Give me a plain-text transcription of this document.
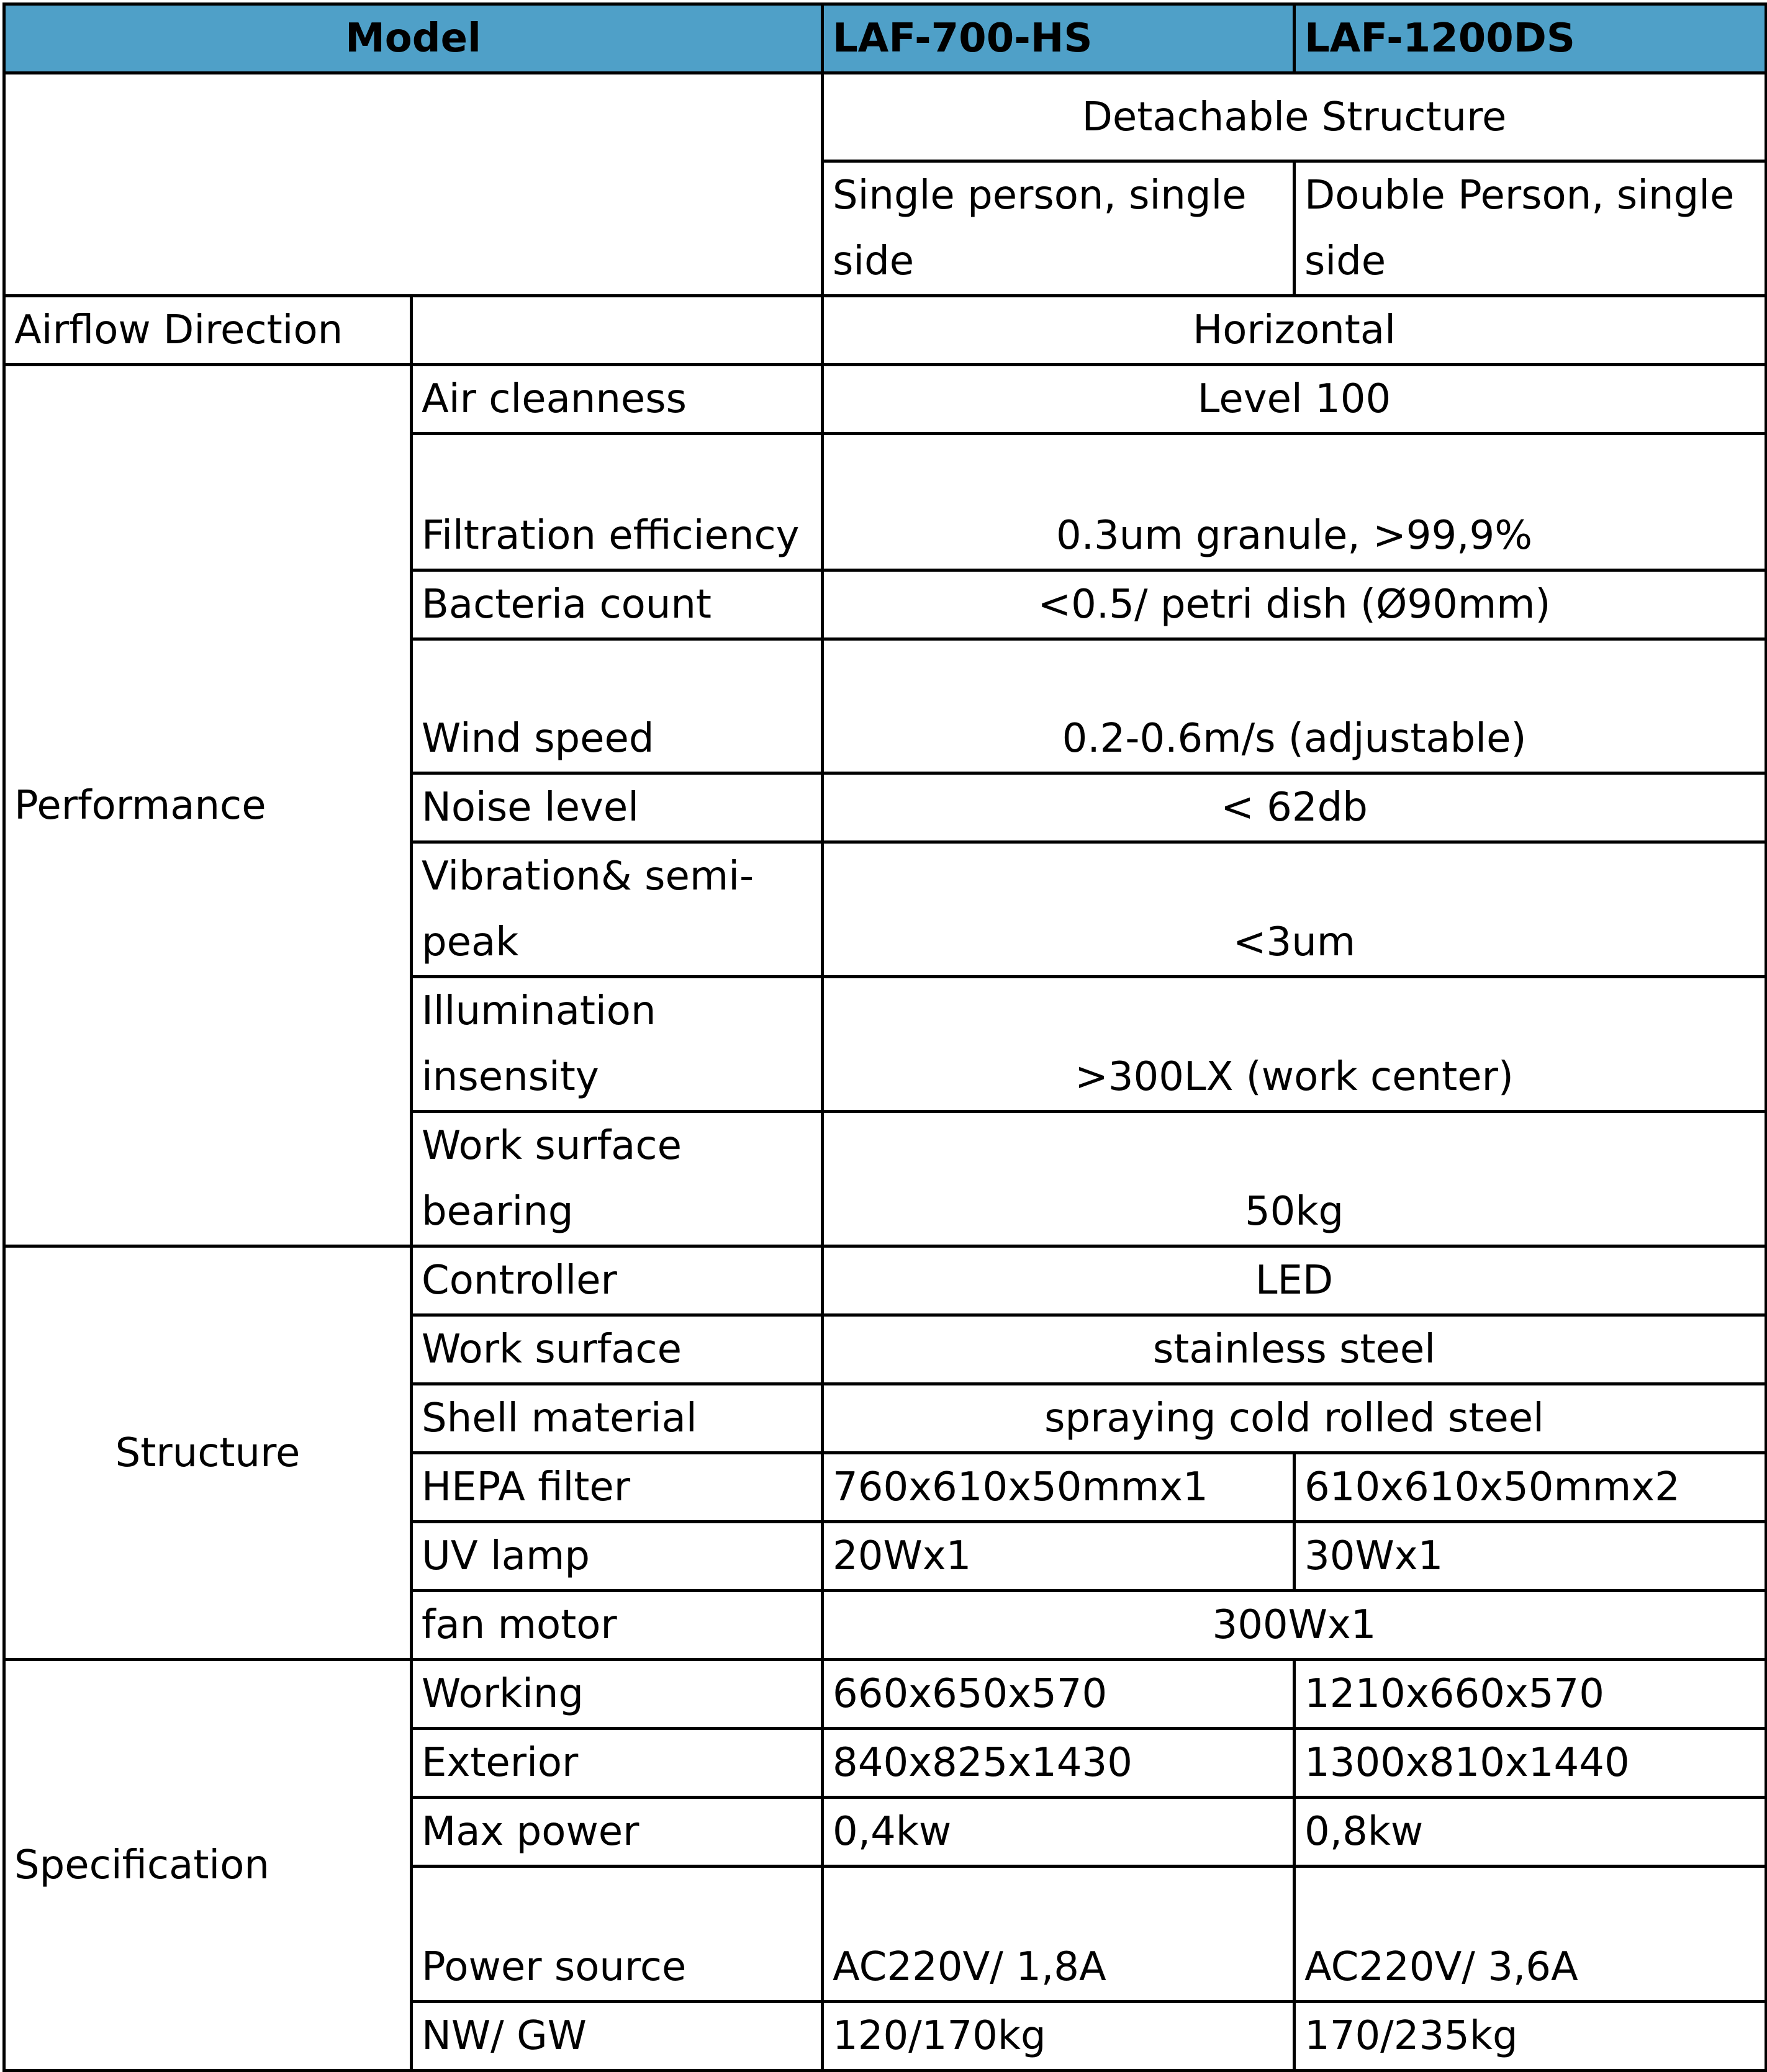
Model		LAF-700-HS	LAF-1200DS
		Detachable Structure	
		Single person, single side	Double Person, single side
Airflow Direction		Horizontal	
Performance	Air cleanness	Level 100	
	Filtration efficiency	0.3um granule, >99,9%	
	Bacteria count	<0.5/ petri dish (Ø90mm)	
	Wind speed	0.2-0.6m/s (adjustable)	
	Noise level	< 62db	
	Vibration& semi-peak	<3um	
	Illumination insensity	>300LX (work center)	
	Work surface bearing	50kg	
Structure	Controller	LED	
	Work surface	stainless steel	
	Shell material	spraying cold rolled steel	
	HEPA filter	760x610x50mmx1	610x610x50mmx2
	UV lamp	20Wx1	30Wx1
	fan motor	300Wx1	
Specification	Working	660x650x570	1210x660x570
	Exterior	840x825x1430	1300x810x1440
	Max power	0,4kw	0,8kw
	Power source	AC220V/ 1,8A	AC220V/ 3,6A
	NW/ GW	120/170kg	170/235kg
